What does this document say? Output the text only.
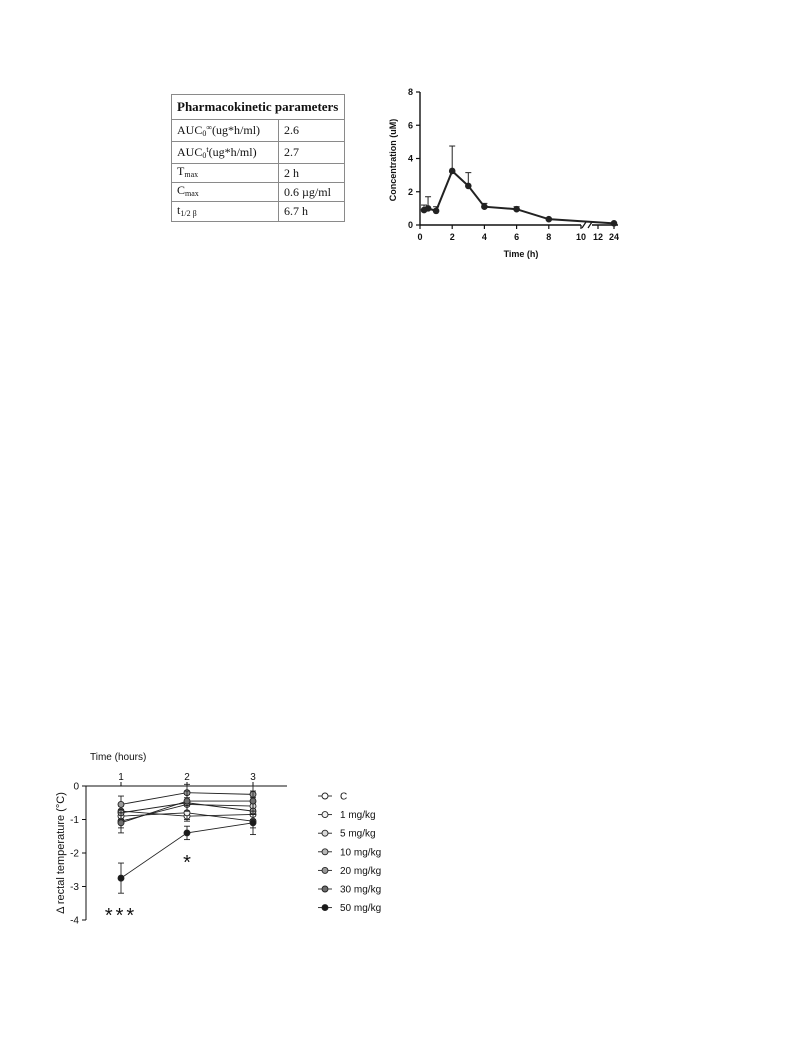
Pharmacokinetic parameters	
$AUC_0^\infty(ug*h/ml)$	2.6
$AUC_0^t(ug*h/ml)$	2.7
$T_{max}$	2 h
$C_{max}$	0.6 µg/ml
$t_{1/2 \beta}$	6.7 h
Concentration (uM)
Time (h)
0
2
4
6
8
0	2	4	6	8	10 12 24
Time (hours)
Δ rectal temperature (°C)
0
-1
-2
-3
-4
1	2	3
***
*
C
1 mg/kg
5 mg/kg
10 mg/kg
20 mg/kg
30 mg/kg
50 mg/kg
